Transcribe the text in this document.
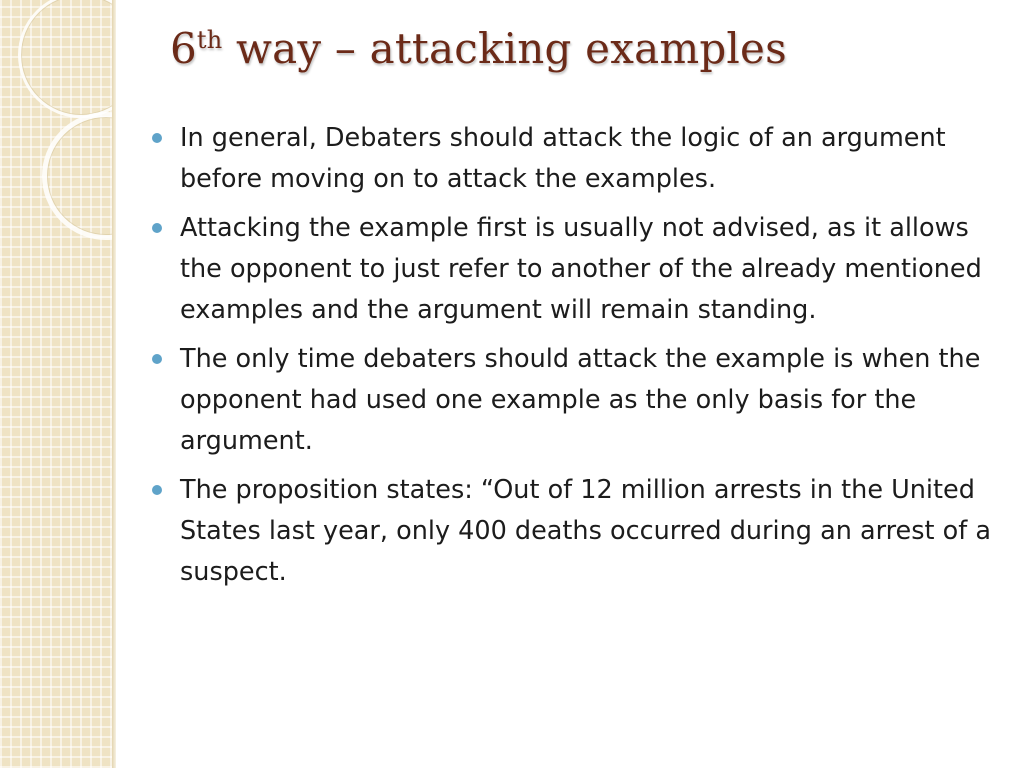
6th way – attacking examples
In general, Debaters should attack the logic of an argument before moving on to attack the examples.
Attacking the example first is usually not advised, as it allows the opponent to just refer to another of the already mentioned examples and the argument will remain standing.
The only time debaters should attack the example is when the opponent had used one example as the only basis for the argument.
The proposition states: “Out of 12 million arrests in the United States last year, only 400 deaths occurred during an arrest of a suspect.
